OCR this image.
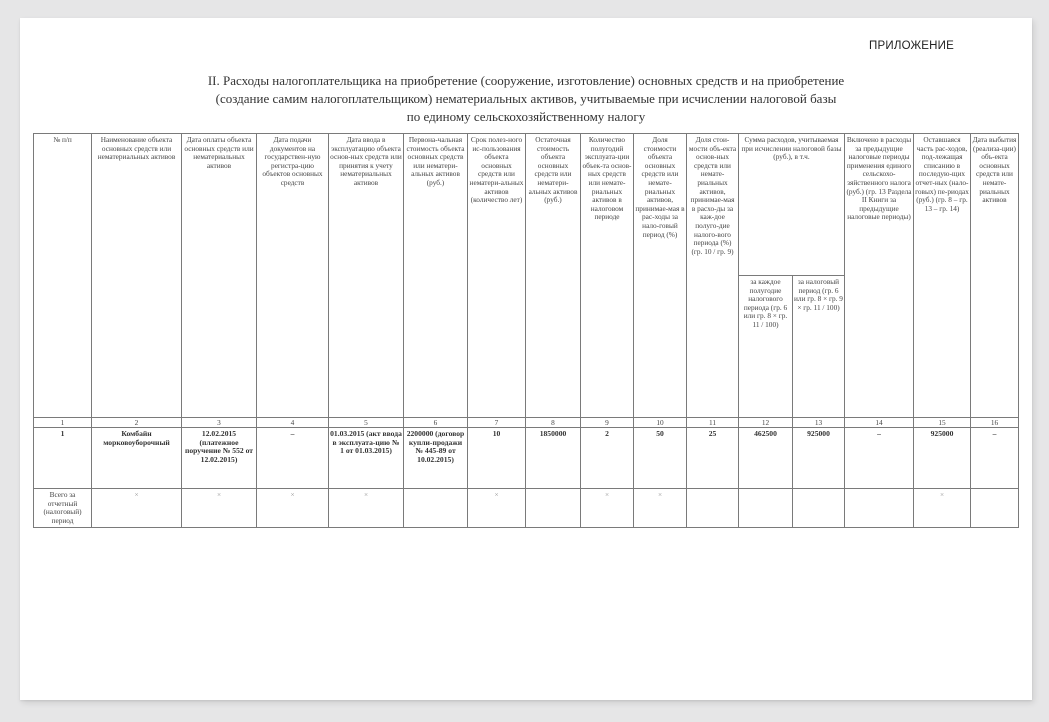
ПРИЛОЖЕНИЕ
II. Расходы налогоплательщика на приобретение (сооружение, изготовление) основных средств и на приобретение
(создание самим налогоплательщиком) нематериальных активов, учитываемые при исчислении налоговой базы
по единому сельскохозяйственному налогу
№ п/п	Наименование объекта основных средств или нематериальных активов	Дата оплаты объекта основных средств или нематериальных активов	Дата подачи документов на государствен-ную регистра-цию объектов основных средств	Дата ввода в эксплуатацию объекта основ-ных средств или принятия к учету нематериальных активов	Первона-чальная стоимость объекта основных средств или нематери-альных активов (руб.)	Срок полез-ного ис-пользования объекта основных средств или нематери-альных активов (количество лет)	Остаточная стоимость объекта основных средств или нематери-альных активов (руб.)	Количество полугодий эксплуата-ции объек-та основ-ных средств или немате-риальных активов в налоговом периоде	Доля стоимости объекта основных средств или немате-риальных активов, принимае-мая в рас-ходы за нало-говый период (%)	Доля стои-мости объ-екта основ-ных средств или немате-риальных активов, принимае-мая в расхо-ды за каж-дое полуго-дие налого-вого периода (%) (гр. 10 / гр. 9)	Сумма расходов, учитываемая при исчислении налоговой базы (руб.), в т.ч.		Включено в расходы за предыдущие налоговые периоды применения единого сельскохо-зяйственного налога (руб.) (гр. 13 Раздела II Книги за предыдущие налоговые периоды)	Оставшаяся часть рас-ходов, под-лежащая списанию в последую-щих отчет-ных (нало-говых) пе-риодах (руб.) (гр. 8 – гр. 13 – гр. 14)	Дата выбытия (реализа-ции) объ-екта основных средств или немате-риальных активов
											за каждое полугодие налогового периода (гр. 6 или гр. 8 × гр. 11 / 100)	за налоговый период (гр. 6 или гр. 8 × гр. 9 × гр. 11 / 100)			
1	2	3	4	5	6	7	8	9	10	11	12	13	14	15	16
1	Комбайн морковоуборочный	12.02.2015 (платежное поручение № 552 от 12.02.2015)	–	01.03.2015 (акт ввода в эксплуата-цию № 1 от 01.03.2015)	2200000 (договор купли-продажи № 445-89 от 10.02.2015)	10	1850000	2	50	25	462500	925000	–	925000	–
Всего за отчетный (налоговый) период	×	×	×	×		×		×	×					×	
